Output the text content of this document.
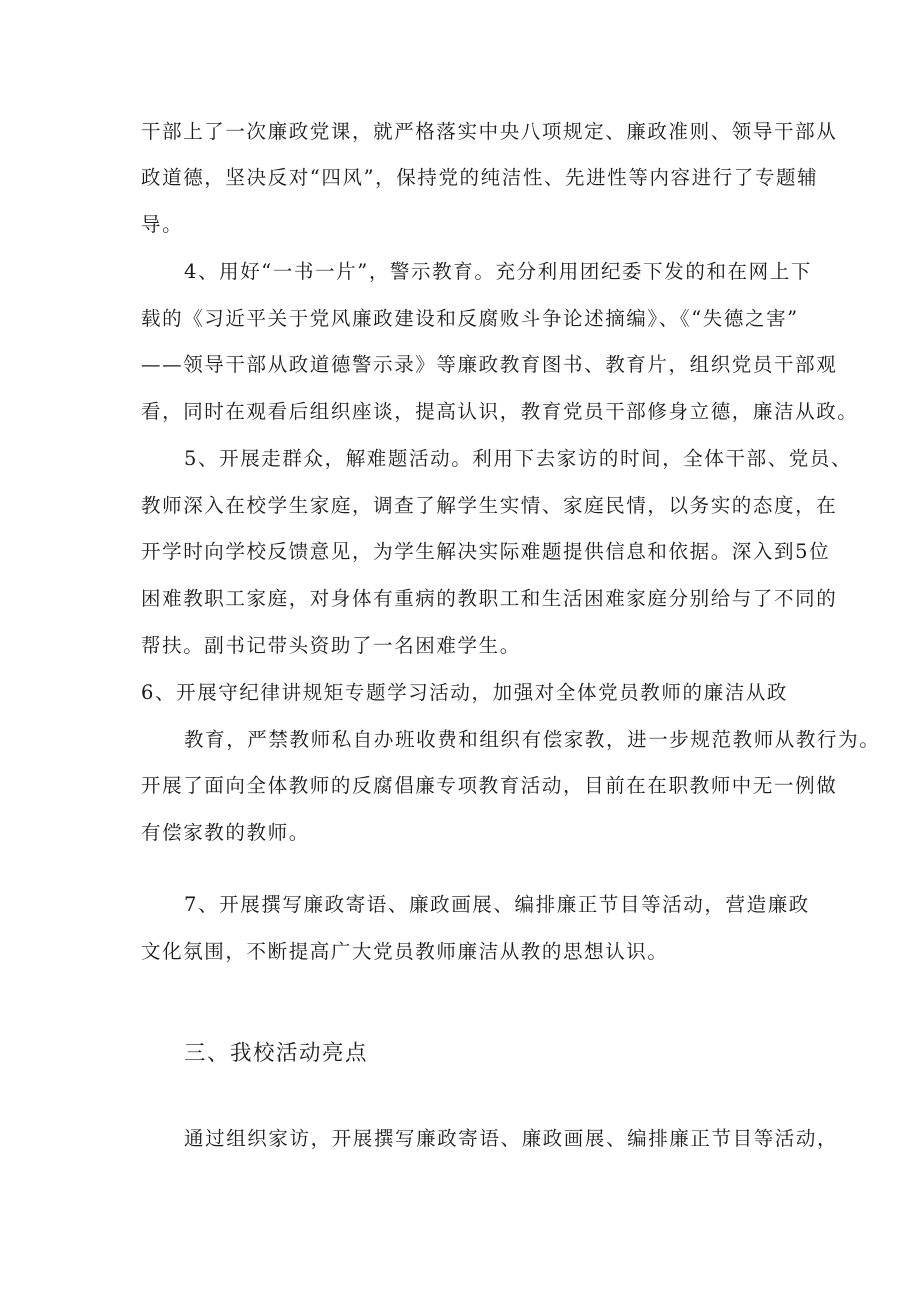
干部上了一次廉政党课，就严格落实中央八项规定、廉政准则、领导干部从
政道德，坚决反对“四风”，保持党的纯洁性、先进性等内容进行了专题辅
导。
4、用好“一书一片”，警示教育。充分利用团纪委下发的和在网上下
载的《习近平关于党风廉政建设和反腐败斗争论述摘编》、《“失德之害”
——领导干部从政道德警示录》等廉政教育图书、教育片，组织党员干部观
看，同时在观看后组织座谈，提高认识，教育党员干部修身立德，廉洁从政。
5、开展走群众，解难题活动。利用下去家访的时间，全体干部、党员、
教师深入在校学生家庭，调查了解学生实情、家庭民情，以务实的态度，在
开学时向学校反馈意见，为学生解决实际难题提供信息和依据。深入到5位
困难教职工家庭，对身体有重病的教职工和生活困难家庭分别给与了不同的
帮扶。副书记带头资助了一名困难学生。
6、开展守纪律讲规矩专题学习活动，加强对全体党员教师的廉洁从政
教育，严禁教师私自办班收费和组织有偿家教，进一步规范教师从教行为。
开展了面向全体教师的反腐倡廉专项教育活动，目前在在职教师中无一例做
有偿家教的教师。
7、开展撰写廉政寄语、廉政画展、编排廉正节目等活动，营造廉政
文化氛围，不断提高广大党员教师廉洁从教的思想认识。
三、我校活动亮点
通过组织家访，开展撰写廉政寄语、廉政画展、编排廉正节目等活动，
